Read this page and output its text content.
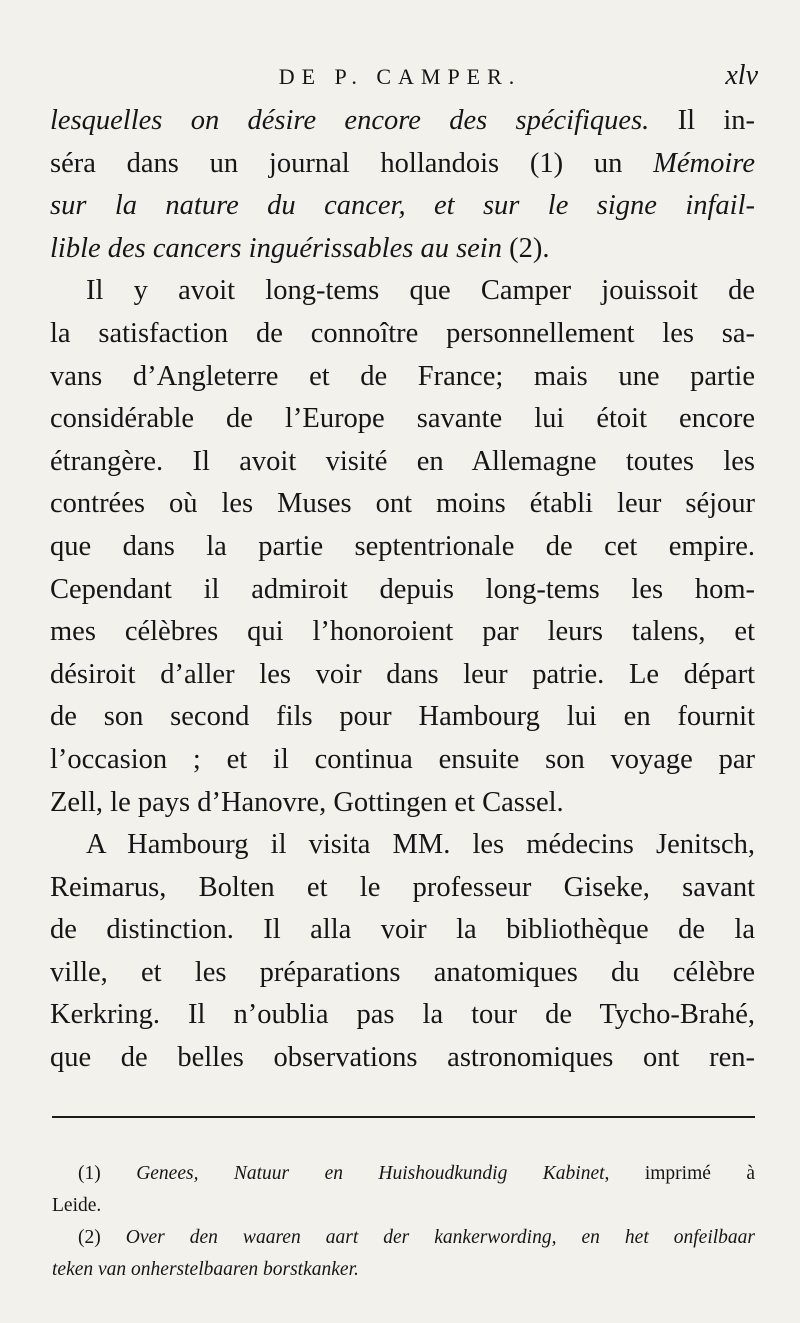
DE P. CAMPER.	xlv
lesquelles on désire encore des spécifiques. Il in-
séra dans un journal hollandois (1) un Mémoire
sur la nature du cancer, et sur le signe infail-
lible des cancers inguérissables au sein (2).
Il y avoit long-tems que Camper jouissoit de
la satisfaction de connoître personnellement les sa-
vans d’Angleterre et de France; mais une partie
considérable de l’Europe savante lui étoit encore
étrangère. Il avoit visité en Allemagne toutes les
contrées où les Muses ont moins établi leur séjour
que dans la partie septentrionale de cet empire.
Cependant il admiroit depuis long-tems les hom-
mes célèbres qui l’honoroient par leurs talens, et
désiroit d’aller les voir dans leur patrie. Le départ
de son second fils pour Hambourg lui en fournit
l’occasion ; et il continua ensuite son voyage par
Zell, le pays d’Hanovre, Gottingen et Cassel.
A Hambourg il visita MM. les médecins Jenitsch,
Reimarus, Bolten et le professeur Giseke, savant
de distinction. Il alla voir la bibliothèque de la
ville, et les préparations anatomiques du célèbre
Kerkring. Il n’oublia pas la tour de Tycho-Brahé,
que de belles observations astronomiques ont ren-
(1) Genees, Natuur en Huishoudkundig Kabinet, imprimé à
Leide.
(2) Over den waaren aart der kankerwording, en het onfeilbaar
teken van onherstelbaaren borstkanker.
